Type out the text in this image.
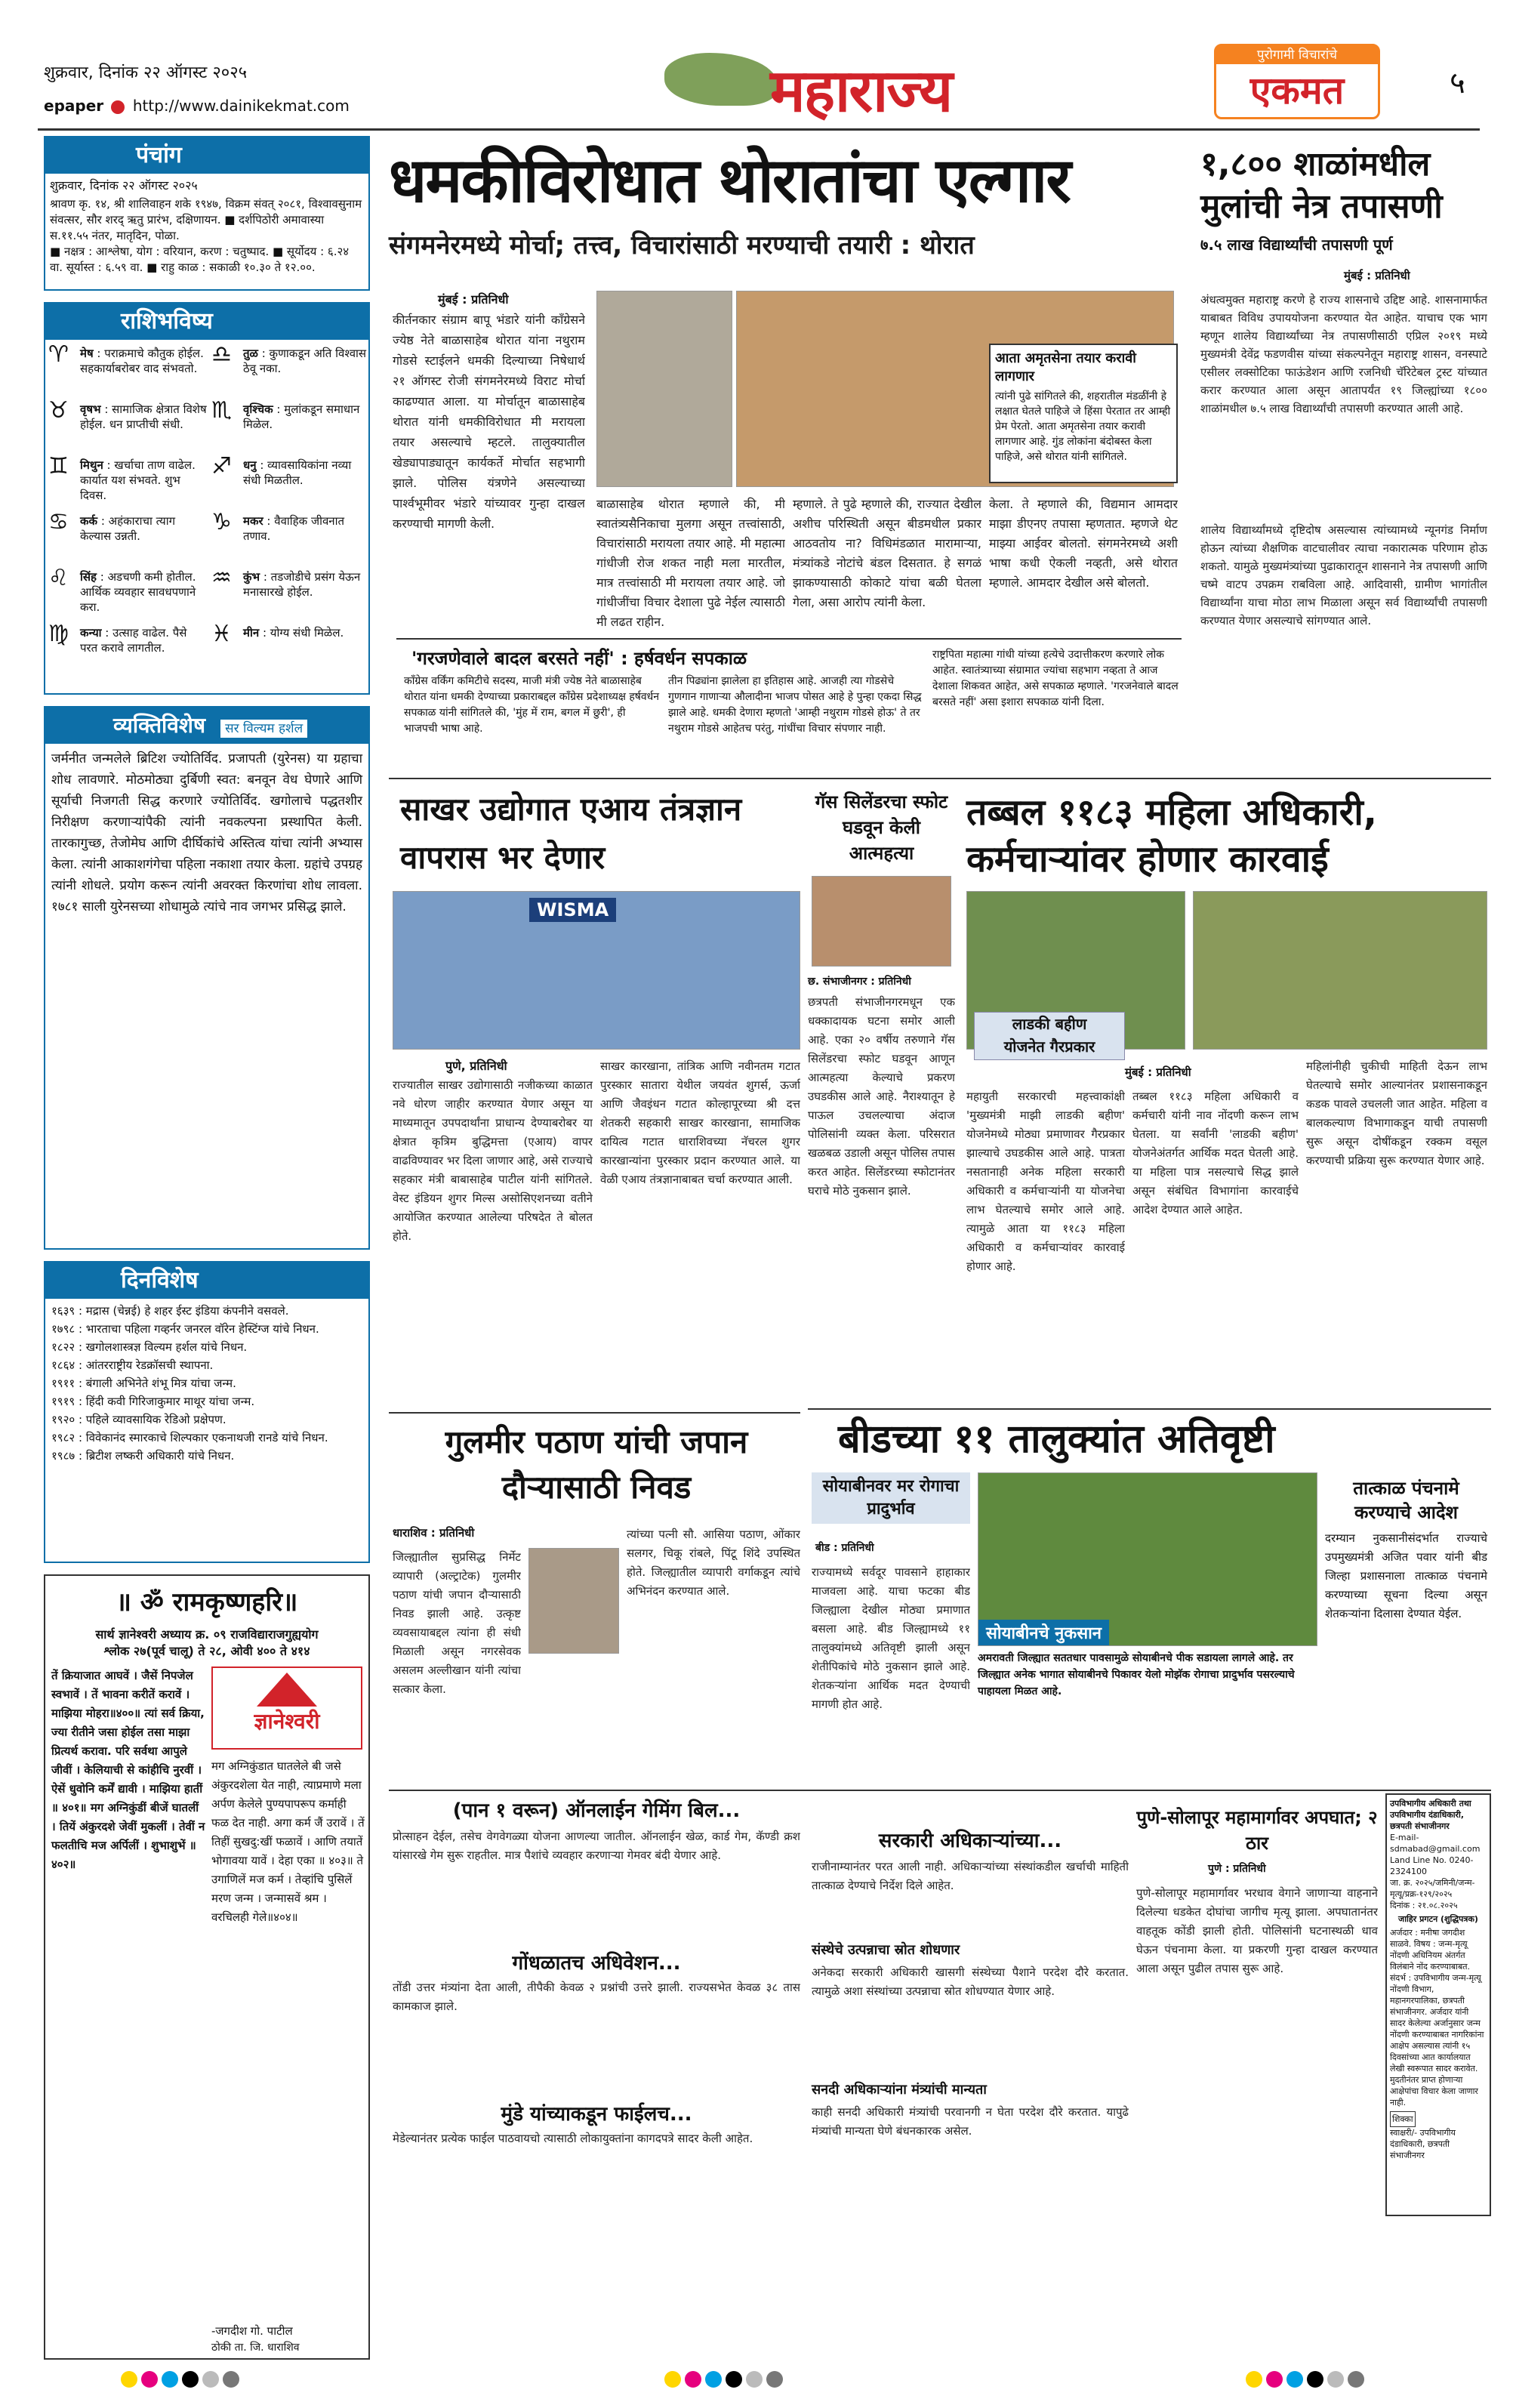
शुक्रवार, दिनांक २२ ऑगस्ट २०२५
epaper http://www.dainikekmat.com	महाराज्य
पुरोगामी विचारांचे
एकमत	५
पंचांग
शुक्रवार, दिनांक २२ ऑगस्ट २०२५
श्रावण कृ. १४, श्री शालिवाहन शके १९४७, विक्रम संवत् २०८१, विश्वावसुनाम संवत्सर, सौर शरद् ऋतु प्रारंभ, दक्षिणायन. ■ दर्शपिठोरी अमावास्या स.११.५५ नंतर, मातृदिन, पोळा.
■ नक्षत्र : आश्लेषा, योग : वरियान, करण : चतुष्पाद. ■ सूर्योदय : ६.२४ वा. सूर्यास्त : ६.५९ वा. ■ राहु काळ : सकाळी १०.३० ते १२.००.
राशिभविष्य
♈ मेष : पराक्रमाचे कौतुक होईल. सहकार्याबरोबर वाद संभवतो.
♉ वृषभ : सामाजिक क्षेत्रात विशेष होईल. धन प्राप्तीची संधी.
♊ मिथुन : खर्चाचा ताण वाढेल. कार्यात यश संभवते. शुभ दिवस.
♋ कर्क : अहंकाराचा त्याग केल्यास उन्नती.
♌ सिंह : अडचणी कमी होतील. आर्थिक व्यवहार सावधपणाने करा.
♍ कन्या : उत्साह वाढेल. पैसे परत करावे लागतील.
♎ तुळ : कुणाकडून अति विश्वास ठेवू नका.
♏ वृश्चिक : मुलांकडून समाधान मिळेल.
♐ धनु : व्यावसायिकांना नव्या संधी मिळतील.
♑ मकर : वैवाहिक जीवनात तणाव.
♒ कुंभ : तडजोडीचे प्रसंग येऊन मनासारखे होईल.
♓ मीन : योग्य संधी मिळेल.
व्यक्तिविशेष सर विल्यम हर्शल
जर्मनीत जन्मलेले ब्रिटिश ज्योतिर्विद. प्रजापती (युरेनस) या ग्रहाचा शोध लावणारे. मोठमोठ्या दुर्बिणी स्वत: बनवून वेध घेणारे आणि सूर्याची निजगती सिद्ध करणारे ज्योतिर्विद. खगोलाचे पद्धतशीर निरीक्षण करणाऱ्यांपैकी त्यांनी नवकल्पना प्रस्थापित केली. तारकागुच्छ, तेजोमेघ आणि दीर्घिकांचे अस्तित्व यांचा त्यांनी अभ्यास केला. त्यांनी आकाशगंगेचा पहिला नकाशा तयार केला. ग्रहांचे उपग्रह त्यांनी शोधले. प्रयोग करून त्यांनी अवरक्त किरणांचा शोध लावला. १७८१ साली युरेनसच्या शोधामुळे त्यांचे नाव जगभर प्रसिद्ध झाले.
दिनविशेष
१६३९ : मद्रास (चेन्नई) हे शहर ईस्ट इंडिया कंपनीने वसवले.
१७९८ : भारताचा पहिला गव्हर्नर जनरल वॉरेन हेस्टिंग्ज यांचे निधन.
१८२२ : खगोलशास्त्रज्ञ विल्यम हर्शल यांचे निधन.
१८६४ : आंतरराष्ट्रीय रेडक्रॉसची स्थापना.
१९११ : बंगाली अभिनेते शंभू मित्र यांचा जन्म.
१९१९ : हिंदी कवी गिरिजाकुमार माथूर यांचा जन्म.
१९२० : पहिले व्यावसायिक रेडिओ प्रक्षेपण.
१९८२ : विवेकानंद स्मारकाचे शिल्पकार एकनाथजी रानडे यांचे निधन.
१९८७ : ब्रिटीश लष्करी अधिकारी यांचे निधन.
॥ ॐ रामकृष्णहरि॥
सार्थ ज्ञानेश्वरी अध्याय क्र. ०९ राजविद्याराजगुह्ययोग
श्लोक २७(पूर्व चालू) ते २८, ओवी ४०० ते ४१४
ज्ञानेश्वरी
तें क्रियाजात आघवें । जैसें निपजेल स्वभावें । तें भावना करीतें करावें । माझिया मोहरा॥४००॥ त्यां सर्व क्रिया, ज्या रीतीने जसा होईल तसा माझा प्रित्यर्थ करावा. परि सर्वथा आपुले जीवीं । केलियाची से कांहीचि नुरवीं । ऐसें धुवोनि कर्में द्यावी । माझिया हातीं ॥ ४०१॥ मग अग्निकुंडीं बीजें घातलीं । तियें अंकुरदशे जेवीं मुकलीं । तेवीं न फलतीचि मज अर्पिलीं । शुभाशुभें ॥४०२॥
मग अग्निकुंडात घातलेले बी जसे अंकुरदशेला येत नाही, त्याप्रमाणे मला अर्पण केलेले पुण्यपापरूप कर्माही फळ देत नाही. अगा कर्म जैं उरावें । तें तिहीं सुखदु:खीं फळावें । आणि तयातें भोगावया यावें । देहा एका ॥ ४०३॥ ते उगाणिलें मज कर्म । तेव्हांचि पुसिलें मरण जन्म । जन्मासवें श्रम । वरचिलही गेले॥४०४॥
-जगदीश गो. पाटील
ठोकी ता. जि. धाराशिव
धमकीविरोधात थोरातांचा एल्गार
संगमनेरमध्ये मोर्चा; तत्त्व, विचारांसाठी मरण्याची तयारी : थोरात
मुंबई : प्रतिनिधी
कीर्तनकार संग्राम बापू भंडारे यांनी काँग्रेसने ज्येष्ठ नेते बाळासाहेब थोरात यांना नथुराम गोडसे स्टाईलने धमकी दिल्याच्या निषेधार्थ २१ ऑगस्ट रोजी संगमनेरमध्ये विराट मोर्चा काढण्यात आला. या मोर्चातून बाळासाहेब थोरात यांनी धमकीविरोधात मी मरायला तयार असल्याचे म्हटले. तालुक्यातील खेड्यापाड्यातून कार्यकर्ते मोर्चात सहभागी झाले. पोलिस यंत्रणेने असल्याच्या पार्श्वभूमीवर भंडारे यांच्यावर गुन्हा दाखल करण्याची मागणी केली.
बाळासाहेब थोरात म्हणाले की, मी स्वातंत्र्यसैनिकाचा मुलगा असून तत्त्वांसाठी, विचारांसाठी मरायला तयार आहे. मी महात्मा गांधीजी रोज शकत नाही मला मारतील, मात्र तत्त्वांसाठी मी मरायला तयार आहे. जो गांधीजींचा विचार देशाला पुढे नेईल त्यासाठी मी लढत राहीन.
म्हणाले. ते पुढे म्हणाले की, राज्यात देखील अशीच परिस्थिती असून बीडमधील प्रकार आठवतोय ना? विधिमंडळात मारामाऱ्या, मंत्र्यांकडे नोटांचे बंडल दिसतात. हे सगळं झाकण्यासाठी कोकाटे यांचा बळी घेतला गेला, असा आरोप त्यांनी केला.
आता अमृतसेना तयार करावी लागणार
त्यांनी पुढे सांगितले की, शहरातील मंडळींनी हे लक्षात घेतले पाहिजे जे हिंसा पेरतात तर आम्ही प्रेम पेरतो. आता अमृतसेना तयार करावी लागणार आहे. गुंड लोकांना बंदोबस्त केला पाहिजे, असे थोरात यांनी सांगितले.
केला. ते म्हणाले की, विद्यमान आमदार माझा डीएनए तपासा म्हणतात. म्हणजे थेट माझ्या आईवर बोलतो. संगमनेरमध्ये अशी भाषा कधी ऐकली नव्हती, असे थोरात म्हणाले. आमदार देखील असे बोलतो.
'गरजणेवाले बादल बरसते नहीं' : हर्षवर्धन सपकाळ
काँग्रेस वर्किंग कमिटीचे सदस्य, माजी मंत्री ज्येष्ठ नेते बाळासाहेब थोरात यांना धमकी देण्याच्या प्रकाराबद्दल काँग्रेस प्रदेशाध्यक्ष हर्षवर्धन सपकाळ यांनी सांगितले की, 'मुंह में राम, बगल में छुरी', ही भाजपची भाषा आहे.
तीन पिढ्यांना झालेला हा इतिहास आहे. आजही त्या गोडसेचे गुणगान गाणाऱ्या औलादीना भाजप पोसत आहे हे पुन्हा एकदा सिद्ध झाले आहे. धमकी देणारा म्हणतो 'आम्ही नथुराम गोडसे होऊ' ते तर नथुराम गोडसे आहेतच परंतु, गांधींचा विचार संपणार नाही.
राष्ट्रपिता महात्मा गांधी यांच्या हत्येचे उदात्तीकरण करणारे लोक आहेत. स्वातंत्र्याच्या संग्रामात ज्यांचा सहभाग नव्हता ते आज देशाला शिकवत आहेत, असे सपकाळ म्हणाले. 'गरजनेवाले बादल बरसते नहीं' असा इशारा सपकाळ यांनी दिला.
१,८०० शाळांमधील मुलांची नेत्र तपासणी
७.५ लाख विद्यार्थ्यांची तपासणी पूर्ण
मुंबई : प्रतिनिधी
अंधत्वमुक्त महाराष्ट्र करणे हे राज्य शासनाचे उद्दिष्ट आहे. शासनामार्फत याबाबत विविध उपाययोजना करण्यात येत आहेत. याचाच एक भाग म्हणून शालेय विद्यार्थ्यांच्या नेत्र तपासणीसाठी एप्रिल २०१९ मध्ये मुख्यमंत्री देवेंद्र फडणवीस यांच्या संकल्पनेतून महाराष्ट्र शासन, वनस्पाटे एसीलर लक्सोटिका फाऊंडेशन आणि रजनिधी चॅरिटेबल ट्रस्ट यांच्यात करार करण्यात आला असून आतापर्यंत १९ जिल्ह्यांच्या १८०० शाळांमधील ७.५ लाख विद्यार्थ्यांची तपासणी करण्यात आली आहे.
शालेय विद्यार्थ्यांमध्ये दृष्टिदोष असल्यास त्यांच्यामध्ये न्यूनगंड निर्माण होऊन त्यांच्या शैक्षणिक वाटचालीवर त्याचा नकारात्मक परिणाम होऊ शकतो. यामुळे मुख्यमंत्र्यांच्या पुढाकारातून शासनाने नेत्र तपासणी आणि चष्मे वाटप उपक्रम राबविला आहे. आदिवासी, ग्रामीण भागांतील विद्यार्थ्यांना याचा मोठा लाभ मिळाला असून सर्व विद्यार्थ्यांची तपासणी करण्यात येणार असल्याचे सांगण्यात आले.
साखर उद्योगात एआय तंत्रज्ञान वापरास भर देणार
WISMA
पुणे, प्रतिनिधी
राज्यातील साखर उद्योगासाठी नजीकच्या काळात नवे धोरण जाहीर करण्यात येणार असून या माध्यमातून उपपदार्थांना प्राधान्य देण्याबरोबर या क्षेत्रात कृत्रिम बुद्धिमत्ता (एआय) वापर वाढविण्यावर भर दिला जाणार आहे, असे राज्याचे सहकार मंत्री बाबासाहेब पाटील यांनी सांगितले. वेस्ट इंडियन शुगर मिल्स असोसिएशनच्या वतीने आयोजित करण्यात आलेल्या परिषदेत ते बोलत होते.
साखर कारखाना, तांत्रिक आणि नवीनतम गटात पुरस्कार सातारा येथील जयवंत शुगर्स, ऊर्जा आणि जैवइंधन गटात कोल्हापूरच्या श्री दत्त शेतकरी सहकारी साखर कारखाना, सामाजिक दायित्व गटात धाराशिवच्या नॅचरल शुगर कारखान्यांना पुरस्कार प्रदान करण्यात आले. या वेळी एआय तंत्रज्ञानाबाबत चर्चा करण्यात आली.
गॅस सिलेंडरचा स्फोट घडवून केली आत्महत्या
छ. संभाजीनगर : प्रतिनिधी
छत्रपती संभाजीनगरमधून एक धक्कादायक घटना समोर आली आहे. एका २० वर्षीय तरुणाने गॅस सिलेंडरचा स्फोट घडवून आणून आत्महत्या केल्याचे प्रकरण उघडकीस आले आहे. नैराश्यातून हे पाऊल उचलल्याचा अंदाज पोलिसांनी व्यक्त केला. परिसरात खळबळ उडाली असून पोलिस तपास करत आहेत. सिलेंडरच्या स्फोटानंतर घराचे मोठे नुकसान झाले.
तब्बल ११८३ महिला अधिकारी, कर्मचाऱ्यांवर होणार कारवाई
लाडकी बहीण
योजनेत गैरप्रकार
मुंबई : प्रतिनिधी
महायुती सरकारची महत्त्वाकांक्षी 'मुख्यमंत्री माझी लाडकी बहीण' योजनेमध्ये मोठ्या प्रमाणावर गैरप्रकार झाल्याचे उघडकीस आले आहे. पात्रता नसतानाही अनेक महिला सरकारी अधिकारी व कर्मचाऱ्यांनी या योजनेचा लाभ घेतल्याचे समोर आले आहे. त्यामुळे आता या ११८३ महिला अधिकारी व कर्मचाऱ्यांवर कारवाई होणार आहे.
तब्बल ११८३ महिला अधिकारी व कर्मचारी यांनी नाव नोंदणी करून लाभ घेतला. या सर्वांनी 'लाडकी बहीण' योजनेअंतर्गत आर्थिक मदत घेतली आहे. या महिला पात्र नसल्याचे सिद्ध झाले असून संबंधित विभागांना कारवाईचे आदेश देण्यात आले आहेत.
महिलांनीही चुकीची माहिती देऊन लाभ घेतल्याचे समोर आल्यानंतर प्रशासनाकडून कडक पावले उचलली जात आहेत. महिला व बालकल्याण विभागाकडून याची तपासणी सुरू असून दोषींकडून रक्कम वसूल करण्याची प्रक्रिया सुरू करण्यात येणार आहे.
बीडच्या ११ तालुक्यांत अतिवृष्टी
सोयाबीनवर मर रोगाचा प्रादुर्भाव
बीड : प्रतिनिधी
सोयाबीनचे नुकसान
अमरावती जिल्ह्यात सततधार पावसामुळे सोयाबीनचे पीक सडायला लागले आहे. तर जिल्ह्यात अनेक भागात सोयाबीनचे पिकावर येलो मोझॅक रोगाचा प्रादुर्भाव पसरल्याचे पाहायला मिळत आहे.
राज्यामध्ये सर्वदूर पावसाने हाहाकार माजवला आहे. याचा फटका बीड जिल्ह्याला देखील मोठ्या प्रमाणात बसला आहे. बीड जिल्ह्यामध्ये ११ तालुक्यांमध्ये अतिवृष्टी झाली असून शेतीपिकांचे मोठे नुकसान झाले आहे. शेतकऱ्यांना आर्थिक मदत देण्याची मागणी होत आहे.
तात्काळ पंचनामे करण्याचे आदेश
दरम्यान नुकसानीसंदर्भात राज्याचे उपमुख्यमंत्री अजित पवार यांनी बीड जिल्हा प्रशासनाला तात्काळ पंचनामे करण्याच्या सूचना दिल्या असून शेतकऱ्यांना दिलासा देण्यात येईल.
गुलमीर पठाण यांची जपान दौऱ्यासाठी निवड
धाराशिव : प्रतिनिधी
जिल्ह्यातील सुप्रसिद्ध निर्मेट व्यापारी (अल्ट्राटेक) गुलमीर पठाण यांची जपान दौऱ्यासाठी निवड झाली आहे. उत्कृष्ट व्यवसायाबद्दल त्यांना ही संधी मिळाली असून नगरसेवक असलम अल्लीखान यांनी त्यांचा सत्कार केला.
त्यांच्या पत्नी सौ. आसिया पठाण, ओंकार सलगर, चिकू रांबले, पिंटू शिंदे उपस्थित होते. जिल्ह्यातील व्यापारी वर्गाकडून त्यांचे अभिनंदन करण्यात आले.
(पान १ वरून) ऑनलाईन गेमिंग बिल...
प्रोत्साहन देईल, तसेच वेगवेगळ्या योजना आणल्या जातील. ऑनलाईन खेळ, कार्ड गेम, कॅण्डी क्रश यांसारखे गेम सुरू राहतील. मात्र पैशांचे व्यवहार करणाऱ्या गेमवर बंदी येणार आहे.
गोंधळातच अधिवेशन...
तोंडी उत्तर मंत्र्यांना देता आली, तीपैकी केवळ २ प्रश्नांची उत्तरे झाली. राज्यसभेत केवळ ३८ तास कामकाज झाले.
मुंडे यांच्याकडून फाईलच...
मेडेल्यानंतर प्रत्येक फाईल पाठवायचो त्यासाठी लोकायुक्तांना कागदपत्रे सादर केली आहेत.
सरकारी अधिकाऱ्यांच्या...
राजीनाम्यानंतर परत आली नाही. अधिकाऱ्यांच्या संस्थांकडील खर्चाची माहिती तात्काळ देण्याचे निर्देश दिले आहेत.
संस्थेचे उत्पन्नाचा स्रोत शोधणार
अनेकदा सरकारी अधिकारी खासगी संस्थेच्या पैशाने परदेश दौरे करतात. त्यामुळे अशा संस्थांच्या उत्पन्नाचा स्रोत शोधण्यात येणार आहे.
सनदी अधिकाऱ्यांना मंत्र्यांची मान्यता
काही सनदी अधिकारी मंत्र्यांची परवानगी न घेता परदेश दौरे करतात. यापुढे मंत्र्यांची मान्यता घेणे बंधनकारक असेल.
पुणे-सोलापूर महामार्गावर अपघात; २ ठार
पुणे : प्रतिनिधी
पुणे-सोलापूर महामार्गावर भरधाव वेगाने जाणाऱ्या वाहनाने दिलेल्या धडकेत दोघांचा जागीच मृत्यू झाला. अपघातानंतर वाहतूक कोंडी झाली होती. पोलिसांनी घटनास्थळी धाव घेऊन पंचनामा केला. या प्रकरणी गुन्हा दाखल करण्यात आला असून पुढील तपास सुरू आहे.
उपविभागीय अधिकारी तथा उपविभागीय दंडाधिकारी, छत्रपती संभाजीनगर
E-mail-sdmabad@gmail.com
Land Line No. 0240-2324100
जा. क्र. २०२५/जमिनी/जन्म-मृत्यू/प्रक्र-१२९/२०२५
दिनांक : २१.०८.२०२५
जाहिर प्रगटन (शुद्धिपत्रक)
अर्जदार : मनीषा जगदीश साळवे. विषय : जन्म-मृत्यू नोंदणी अधिनियम अंतर्गत विलंबाने नोंद करण्याबाबत. संदर्भ : उपविभागीय जन्म-मृत्यू नोंदणी विभाग, महानगरपालिका, छत्रपती संभाजीनगर. अर्जदार यांनी सादर केलेल्या अर्जानुसार जन्म नोंदणी करण्याबाबत नागरिकांना आक्षेप असल्यास त्यांनी १५ दिवसांच्या आत कार्यालयात लेखी स्वरूपात सादर करावेत. मुदतीनंतर प्राप्त होणाऱ्या आक्षेपांचा विचार केला जाणार नाही.
शिक्का
स्वाक्षरी/- उपविभागीय दंडाधिकारी, छत्रपती संभाजीनगर
